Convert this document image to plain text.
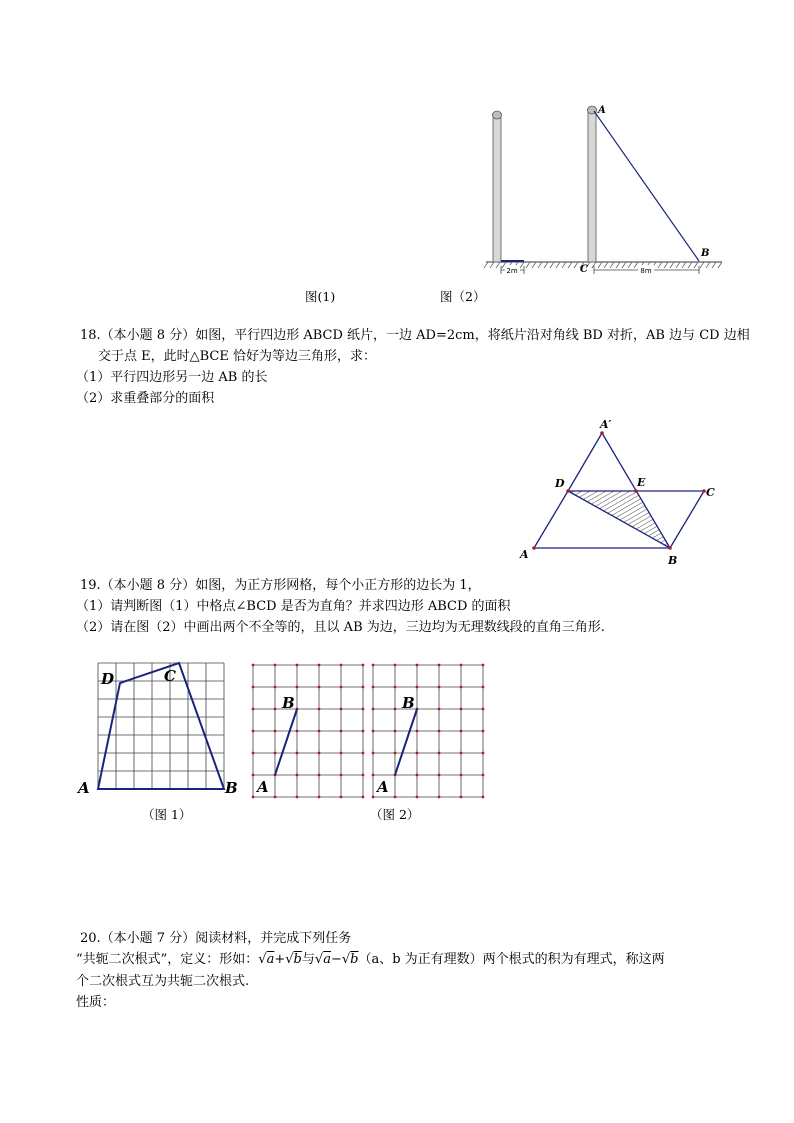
2m	8m
A
B
C
图(1)	图（2）
18.（本小题 8 分）如图，平行四边形 ABCD 纸片，一边 AD=2cm，将纸片沿对角线 BD 对折，AB 边与 CD 边相
交于点 E，此时△BCE 恰好为等边三角形，求：
（1）平行四边形另一边 AB 的长
（2）求重叠部分的面积
A′
D	E
C
A	B
19.（本小题 8 分）如图，为正方形网格，每个小正方形的边长为 1，
（1）请判断图（1）中格点∠BCD 是否为直角？并求四边形 ABCD 的面积
（2）请在图（2）中画出两个不全等的，且以 AB 为边，三边均为无理数线段的直角三角形.
D	C
A	B
B
A
B
A
（图 1）	（图 2）
20.（本小题 7 分）阅读材料，并完成下列任务
“共轭二次根式”，定义：形如：√a+√b与√a−√b（a、b 为正有理数）两个根式的积为有理式，称这两
个二次根式互为共轭二次根式.
性质：
